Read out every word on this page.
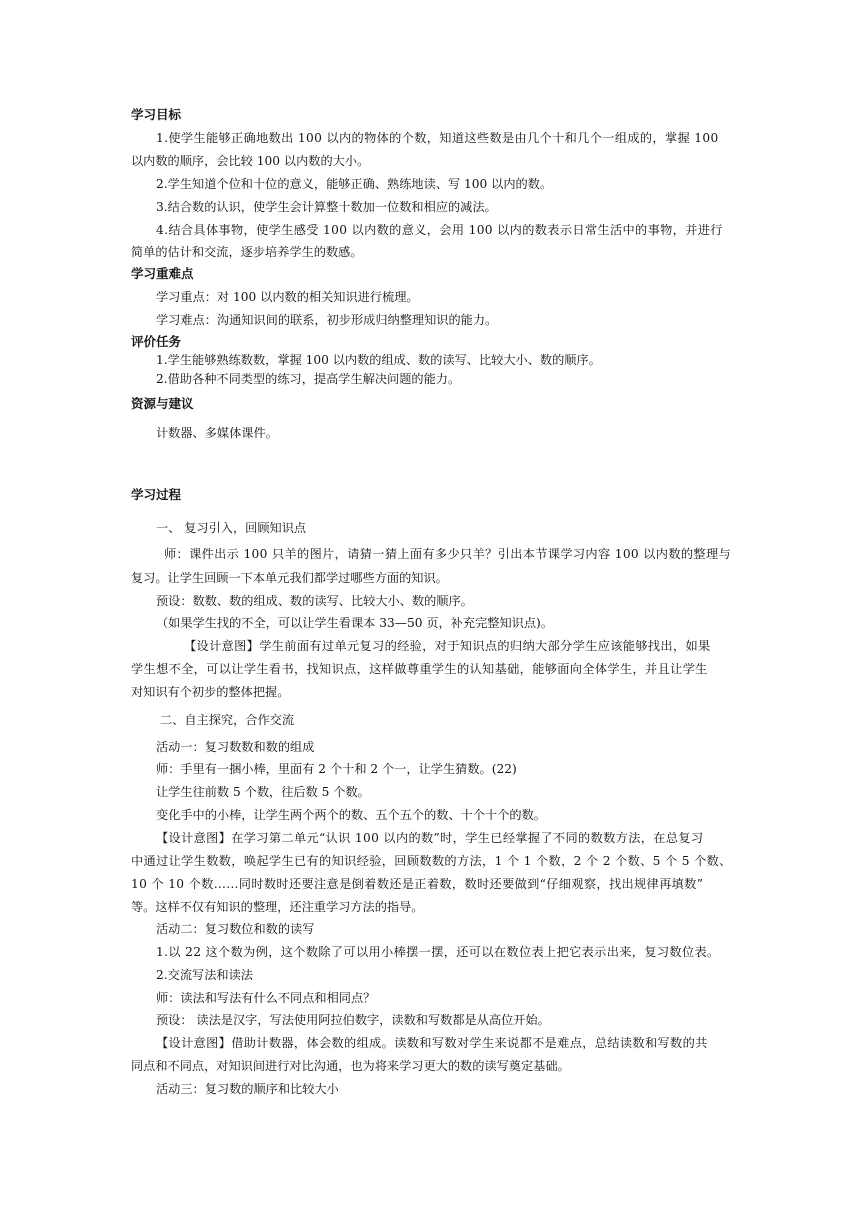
学习目标
1.使学生能够正确地数出 100 以内的物体的个数，知道这些数是由几个十和几个一组成的，掌握 100
以内数的顺序，会比较 100 以内数的大小。
2.学生知道个位和十位的意义，能够正确、熟练地读、写 100 以内的数。
3.结合数的认识，使学生会计算整十数加一位数和相应的减法。
4.结合具体事物，使学生感受 100 以内数的意义，会用 100 以内的数表示日常生活中的事物，并进行
简单的估计和交流，逐步培养学生的数感。
学习重难点
学习重点：对 100 以内数的相关知识进行梳理。
学习难点：沟通知识间的联系，初步形成归纳整理知识的能力。
评价任务
1.学生能够熟练数数，掌握 100 以内数的组成、数的读写、比较大小、数的顺序。
2.借助各种不同类型的练习，提高学生解决问题的能力。
资源与建议
计数器、多媒体课件。
学习过程
一、 复习引入，回顾知识点
师：课件出示 100 只羊的图片，请猜一猜上面有多少只羊？引出本节课学习内容 100 以内数的整理与
复习。让学生回顾一下本单元我们都学过哪些方面的知识。
预设：数数、数的组成、数的读写、比较大小、数的顺序。
（如果学生找的不全，可以让学生看课本 33—50 页，补充完整知识点)。
【设计意图】学生前面有过单元复习的经验，对于知识点的归纳大部分学生应该能够找出，如果
学生想不全，可以让学生看书，找知识点，这样做尊重学生的认知基础，能够面向全体学生，并且让学生
对知识有个初步的整体把握。
二、自主探究，合作交流
活动一：复习数数和数的组成
师：手里有一捆小棒，里面有 2 个十和 2 个一，让学生猜数。(22)
让学生往前数 5 个数，往后数 5 个数。
变化手中的小棒，让学生两个两个的数、五个五个的数、十个十个的数。
【设计意图】在学习第二单元“认识 100 以内的数”时，学生已经掌握了不同的数数方法，在总复习
中通过让学生数数，唤起学生已有的知识经验，回顾数数的方法，1 个 1 个数，2 个 2 个数、5 个 5 个数、
10 个 10 个数……同时数时还要注意是倒着数还是正着数，数时还要做到“仔细观察，找出规律再填数”
等。这样不仅有知识的整理，还注重学习方法的指导。
活动二：复习数位和数的读写
1.以 22 这个数为例，这个数除了可以用小棒摆一摆，还可以在数位表上把它表示出来，复习数位表。
2.交流写法和读法
师：读法和写法有什么不同点和相同点？
预设： 读法是汉字，写法使用阿拉伯数字，读数和写数都是从高位开始。
【设计意图】借助计数器，体会数的组成。读数和写数对学生来说都不是难点，总结读数和写数的共
同点和不同点，对知识间进行对比沟通，也为将来学习更大的数的读写奠定基础。
活动三：复习数的顺序和比较大小
